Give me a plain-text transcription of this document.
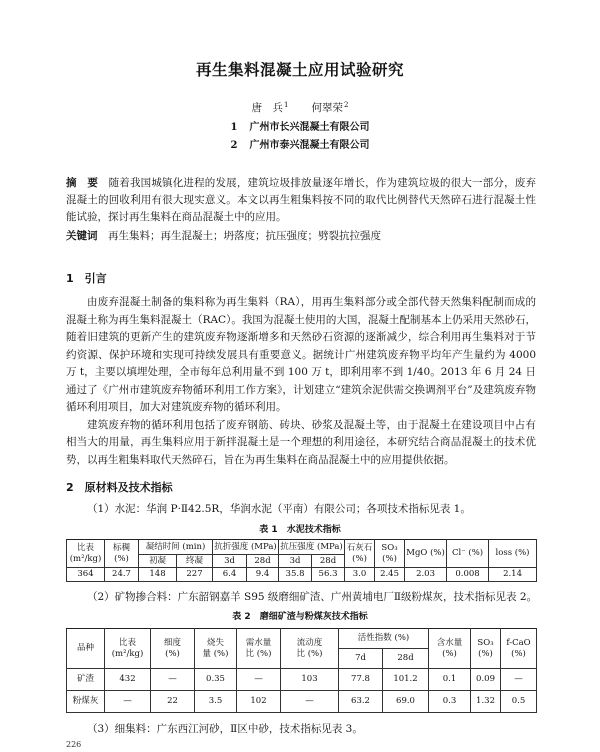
再生集料混凝土应用试验研究
唐　兵$^1$ 何翠荣$^2$
1 广州市长兴混凝土有限公司
2 广州市泰兴混凝土有限公司
摘　要 随着我国城镇化进程的发展，建筑垃圾排放量逐年增长，作为建筑垃圾的很大一部分，废弃混凝土的回收利用有很大现实意义。本文以再生粗集料按不同的取代比例替代天然碎石进行混凝土性能试验，探讨再生集料在商品混凝土中的应用。
关键词 再生集料；再生混凝土；坍落度；抗压强度；劈裂抗拉强度
1　引言

由废弃混凝土制备的集料称为再生集料（RA），用再生集料部分或全部代替天然集料配制而成的混凝土称为再生集料混凝土（RAC）。我国为混凝土使用的大国，混凝土配制基本上仍采用天然砂石，随着旧建筑的更新产生的建筑废弃物逐渐增多和天然砂石资源的逐渐减少，综合利用再生集料对于节约资源、保护环境和实现可持续发展具有重要意义。据统计广州建筑废弃物平均年产生量约为 4000 万 t，主要以填埋处理，全市每年总利用量不到 100 万 t，即利用率不到 1/40。2013 年 6 月 24 日通过了《广州市建筑废弃物循环利用工作方案》，计划建立“建筑余泥供需交换调剂平台”及建筑废弃物循环利用项目，加大对建筑废弃物的循环利用。

建筑废弃物的循环利用包括了废弃钢筋、砖块、砂浆及混凝土等，由于混凝土在建设项目中占有相当大的用量，再生集料应用于新拌混凝土是一个理想的利用途径，本研究结合商品混凝土的技术优势，以再生粗集料取代天然碎石，旨在为再生集料在商品混凝土中的应用提供依据。

2　原材料及技术指标
（1）水泥：华润 P·Ⅱ42.5R，华润水泥（平南）有限公司；各项技术指标见表 1。
表 1　水泥技术指标
比表
(m²/kg)	标稠 (%)	凝结时间 (min)		抗折强度 (MPa)		抗压强度 (MPa)		石灰石
(%)	SO₃
(%)	MgO (%)	Cl⁻ (%)	loss (%)
		初凝	终凝	3d	28d	3d	28d					
364	24.7	148	227	6.4	9.4	35.8	56.3	3.0	2.45	2.03	0.008	2.14
（2）矿物掺合料：广东韶钢嘉羊 S95 级磨细矿渣、广州黄埔电厂Ⅱ级粉煤灰，技术指标见表 2。
表 2　磨细矿渣与粉煤灰技术指标
品种	比表
(m²/kg)	细度
(%)	烧失
量 (%)	需水量
比 (%)	流动度
比 (%)	活性指数 (%)		含水量
(%)	SO₃
(%)	f-CaO
(%)
						7d	28d			
矿渣	432	—	0.35	—	103	77.8	101.2	0.1	0.09	—
粉煤灰	—	22	3.5	102	—	63.2	69.0	0.3	1.32	0.5
（3）细集料：广东西江河砂，Ⅱ区中砂，技术指标见表 3。
226
